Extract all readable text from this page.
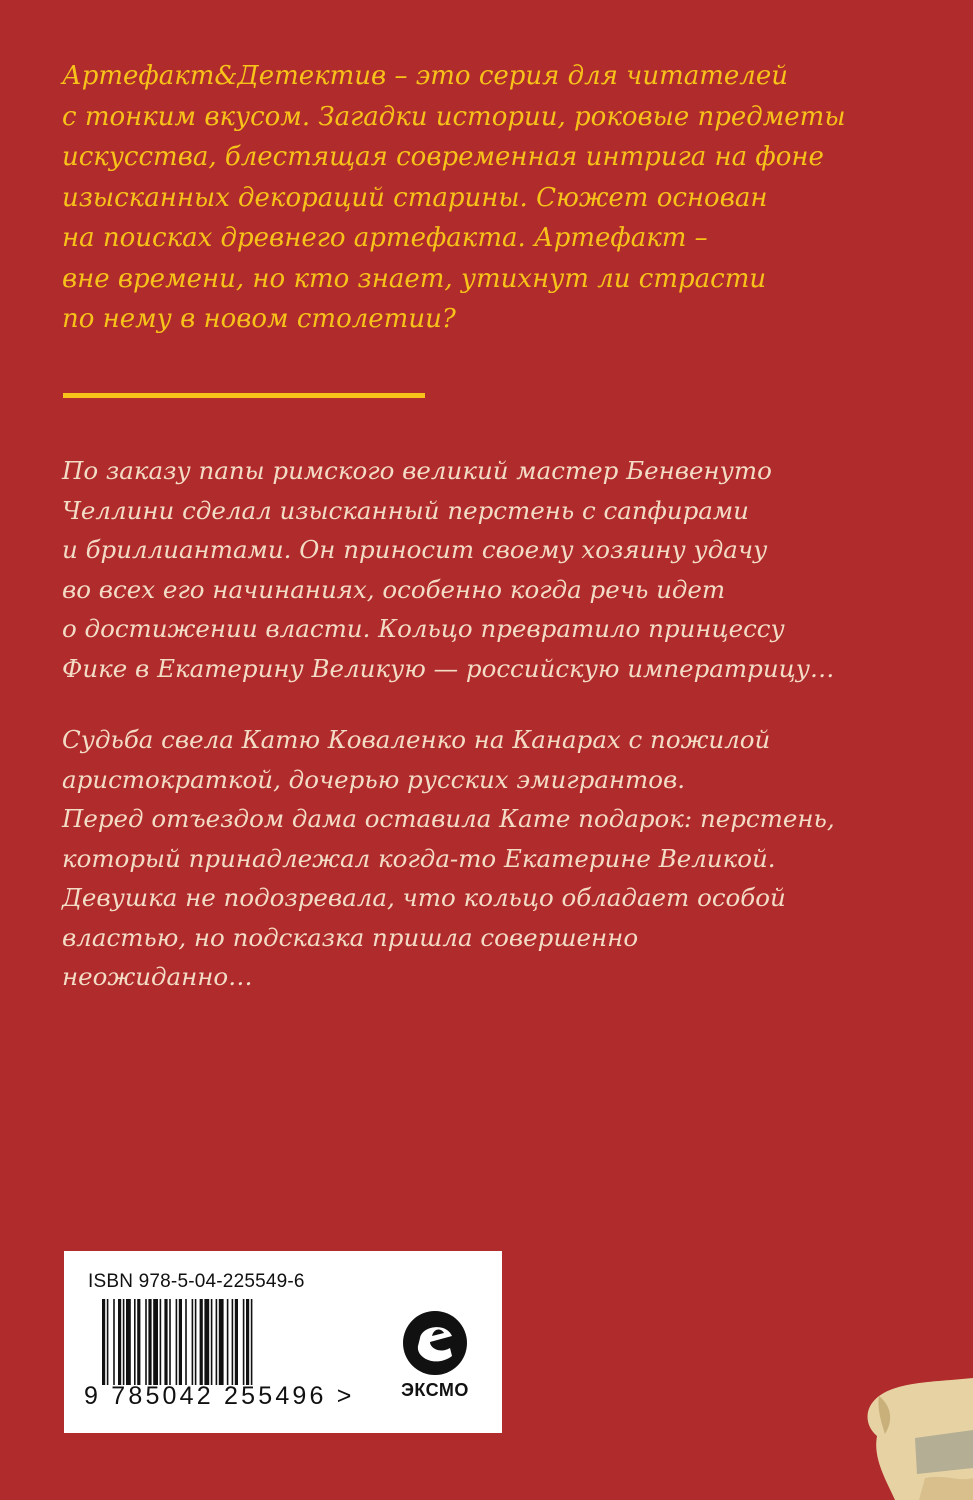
Артефакт&Детектив – это серия для читателей
с тонким вкусом. Загадки истории, роковые предметы
искусства, блестящая современная интрига на фоне
изысканных декораций старины. Сюжет основан
на поисках древнего артефакта. Артефакт –
вне времени, но кто знает, утихнут ли страсти
по нему в новом столетии?

По заказу папы римского великий мастер Бенвенуто
Челлини сделал изысканный перстень с сапфирами
и бриллиантами. Он приносит своему хозяину удачу
во всех его начинаниях, особенно когда речь идет
о достижении власти. Кольцо превратило принцессу
Фике в Екатерину Великую — российскую императрицу…

Судьба свела Катю Коваленко на Канарах с пожилой
аристократкой, дочерью русских эмигрантов.
Перед отъездом дама оставила Кате подарок: перстень,
который принадлежал когда-то Екатерине Великой.
Девушка не подозревала, что кольцо обладает особой
властью, но подсказка пришла совершенно
неожиданно…

ISBN 978-5-04-225549-6
9 785042 255496 >	ЭКСМО
